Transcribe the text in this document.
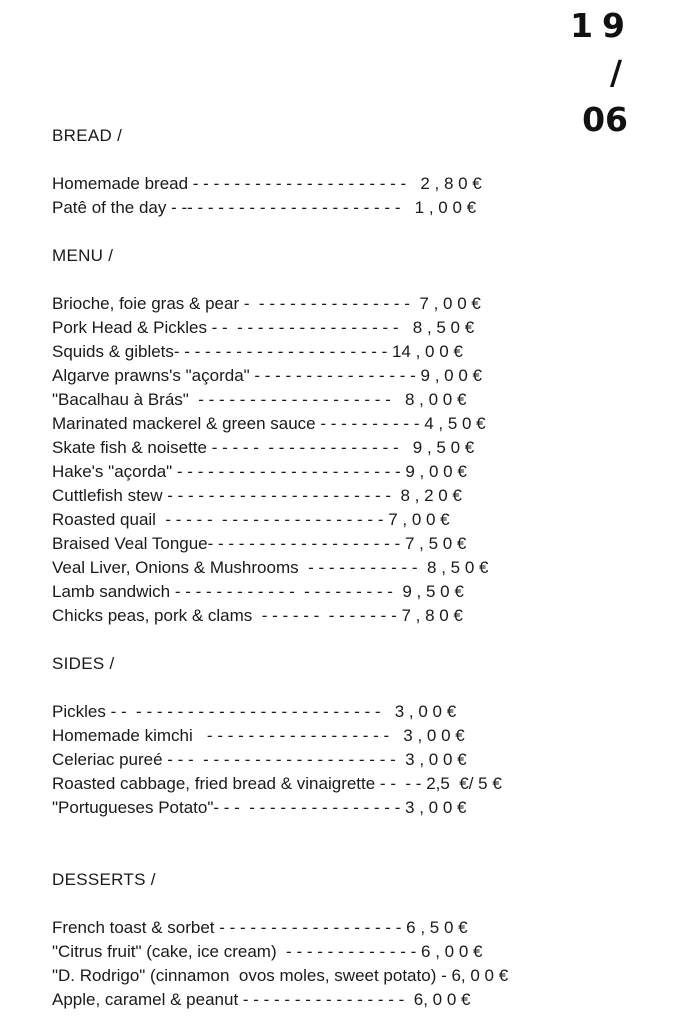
19
/
06
BREAD /
Homemade bread - - - - - - - - - - - - - - - - - - - - -   2 , 8 0 €
Patê of the day - -- - - - - - - - - - - - - - - - - - - - -   1 , 0 0 €
MENU /
Brioche, foie gras & pear -  - - - - - - - - - - - - - - -  7 , 0 0 €
Pork Head & Pickles - -  - - - - - - - - - - - - - - - -   8 , 5 0 €
Squids & giblets- - - - - - - - - - - - - - - - - - - - - 14 , 0 0 €
Algarve prawns's "açorda" - - - - - - - - - - - - - - - - 9 , 0 0 €
"Bacalhau à Brás"  - - - - - - - - - - - - - - - - - - -   8 , 0 0 €
Marinated mackerel & green sauce - - - - - - - - - - 4 , 5 0 €
Skate fish & noisette - - - - -  - - - - - - - - - - - - -   9 , 5 0 €
Hake's "açorda" - - - - - - - - - - - - - - - - - - - - - - 9 , 0 0 €
Cuttlefish stew - - - - - - - - - - - - - - - - - - - - - -  8 , 2 0 €
Roasted quail  - - - - -  - - - - - - - - - - - - - - - - 7 , 0 0 €
Braised Veal Tongue- - - - - - - - - - - - - - - - - - - 7 , 5 0 €
Veal Liver, Onions & Mushrooms  - - - - - - - - - - -  8 , 5 0 €
Lamb sandwich - - - - - - - - - - - -  - - - - - - - - -  9 , 5 0 €
Chicks peas, pork & clams  - - - - - -  - - - - - - - 7 , 8 0 €
SIDES /
Pickles - -  - - - - - - - - - - - - - - - - - - - - - - - -   3 , 0 0 €
Homemade kimchi   - - - - - - - - - - - - - - - - - -   3 , 0 0 €
Celeriac pureé - - -  - - - - - - - - - - - - - - - - - - -  3 , 0 0 €
Roasted cabbage, fried bread & vinaigrette - -  - - 2,5  €/ 5 €
"Portugueses Potato"- - -  - - - - - - - - - - - - - - - 3 , 0 0 €
DESSERTS /
French toast & sorbet - - - - - - - - - - - - - - - - - - 6 , 5 0 €
"Citrus fruit" (cake, ice cream)  - - - - - - - - - - - - - 6 , 0 0 €
"D. Rodrigo" (cinnamon  ovos moles, sweet potato) - 6, 0 0 €
Apple, caramel & peanut - - - - - - - - - - - - - - - -  6, 0 0 €
